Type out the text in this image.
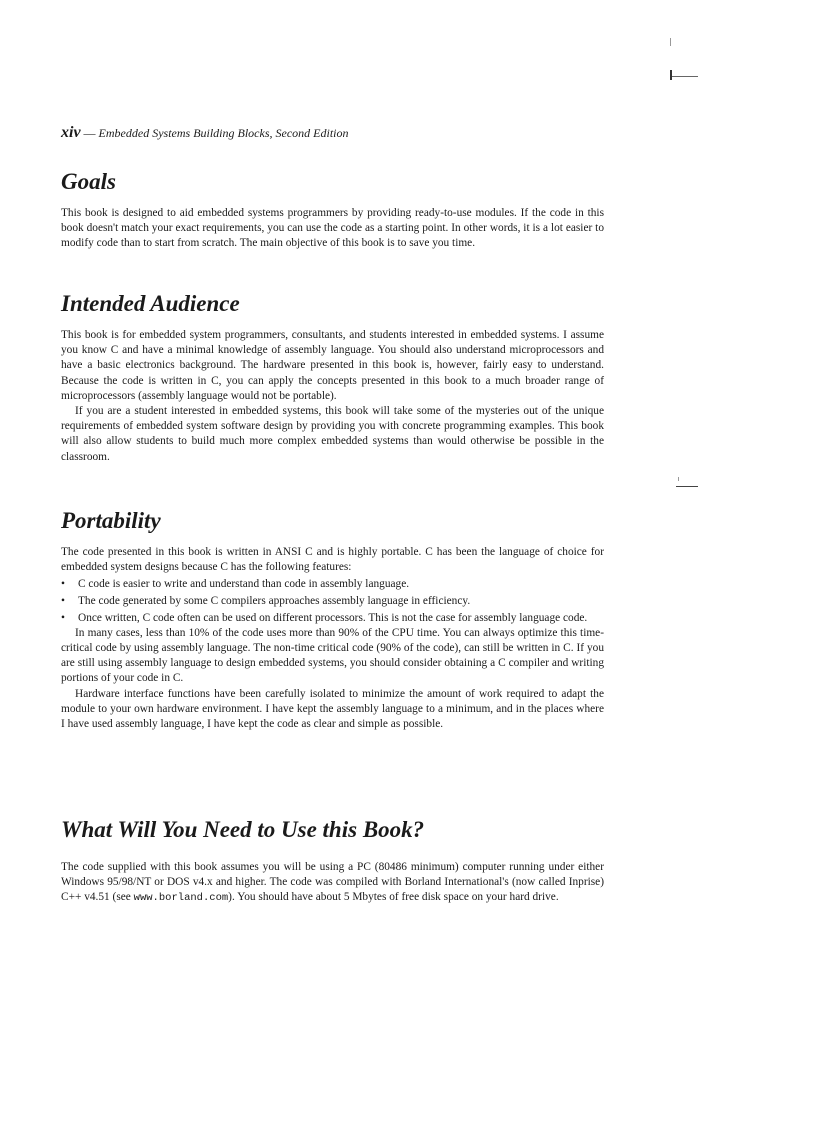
xiv — Embedded Systems Building Blocks, Second Edition
Goals

This book is designed to aid embedded systems programmers by providing ready-to-use modules. If the code in this book doesn't match your exact requirements, you can use the code as a starting point. In other words, it is a lot easier to modify code than to start from scratch. The main objective of this book is to save you time.

Intended Audience

This book is for embedded system programmers, consultants, and students interested in embedded systems. I assume you know C and have a minimal knowledge of assembly language. You should also understand microprocessors and have a basic electronics background. The hardware presented in this book is, however, fairly easy to understand. Because the code is written in C, you can apply the concepts presented in this book to a much broader range of microprocessors (assembly language would not be portable).

If you are a student interested in embedded systems, this book will take some of the mysteries out of the unique requirements of embedded system software design by providing you with concrete programming examples. This book will also allow students to build much more complex embedded systems than would otherwise be possible in the classroom.

Portability

The code presented in this book is written in ANSI C and is highly portable. C has been the language of choice for embedded system designs because C has the following features:

• C code is easier to write and understand than code in assembly language.
• The code generated by some C compilers approaches assembly language in efficiency.
• Once written, C code often can be used on different processors. This is not the case for assembly language code.

In many cases, less than 10% of the code uses more than 90% of the CPU time. You can always optimize this time-critical code by using assembly language. The non-time critical code (90% of the code), can still be written in C. If you are still using assembly language to design embedded systems, you should consider obtaining a C compiler and writing portions of your code in C.

Hardware interface functions have been carefully isolated to minimize the amount of work required to adapt the module to your own hardware environment. I have kept the assembly language to a minimum, and in the places where I have used assembly language, I have kept the code as clear and simple as possible.

What Will You Need to Use this Book?

The code supplied with this book assumes you will be using a PC (80486 minimum) computer running under either Windows 95/98/NT or DOS v4.x and higher. The code was compiled with Borland International's (now called Inprise) C++ v4.51 (see www.borland.com). You should have about 5 Mbytes of free disk space on your hard drive.
